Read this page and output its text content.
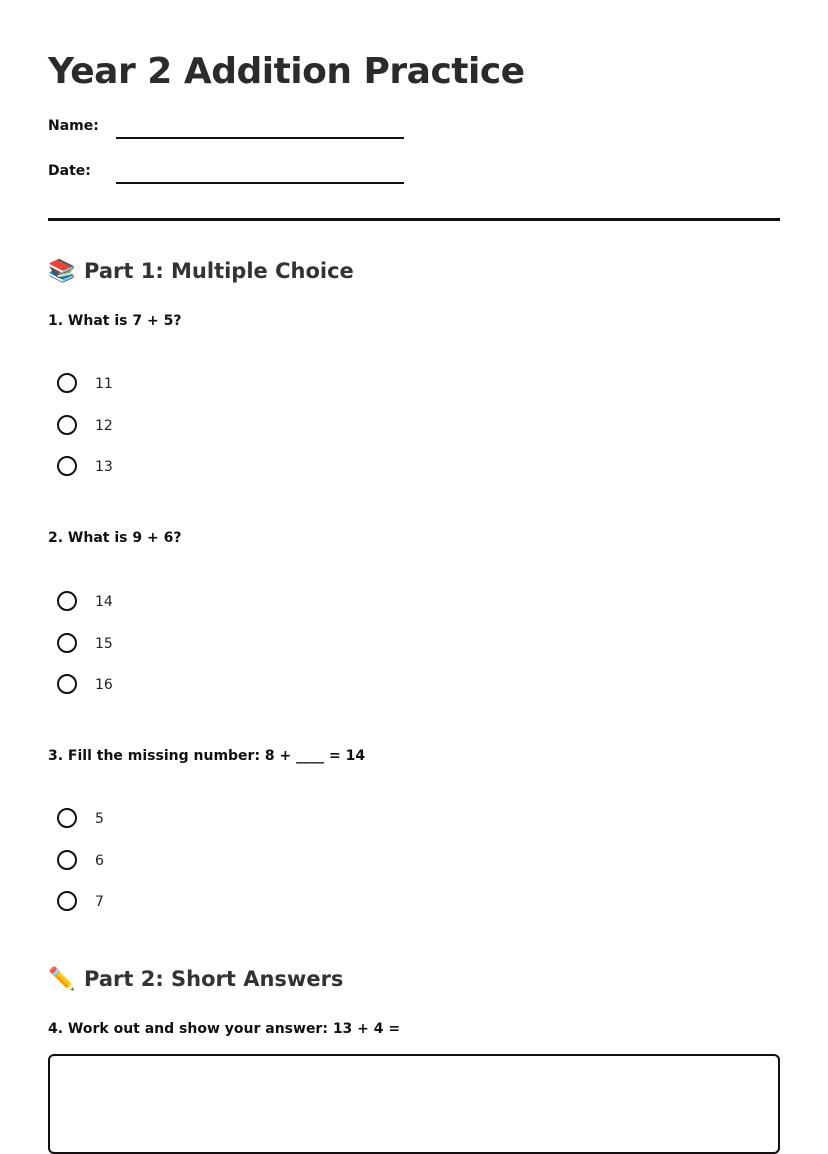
Year 2 Addition Practice
Name:
Date:
📚 Part 1: Multiple Choice
1. What is 7 + 5?
11
12
13
2. What is 9 + 6?
14
15
16
3. Fill the missing number: 8 + ____ = 14
5
6
7
✏️ Part 2: Short Answers
4. Work out and show your answer: 13 + 4 =
